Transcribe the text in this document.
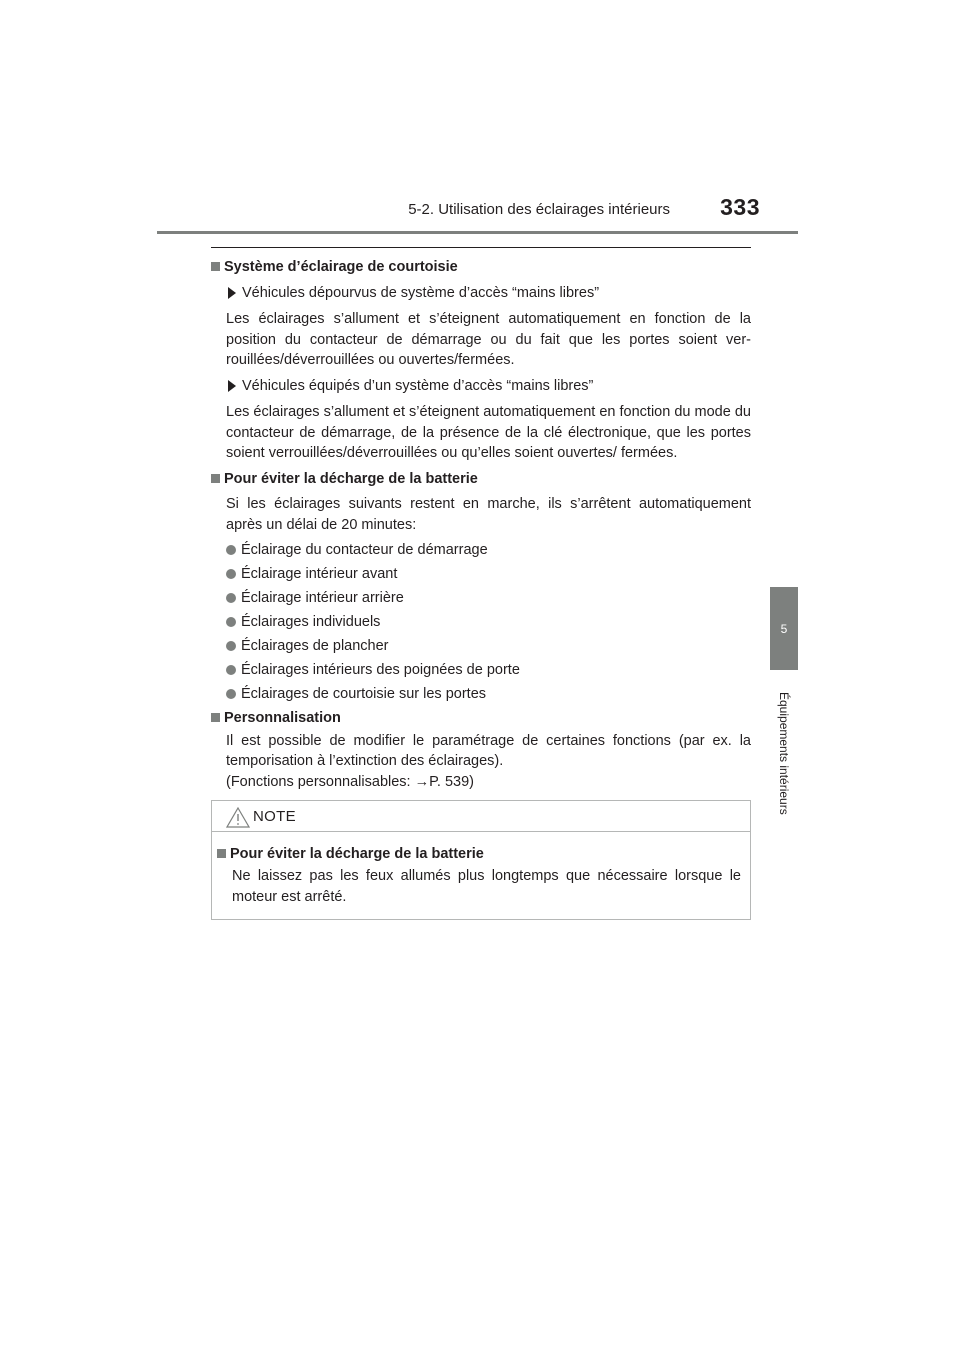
5-2. Utilisation des éclairages intérieurs	333
5
Équipements intérieurs
Système d’éclairage de courtoisie
Véhicules dépourvus de système d’accès “mains libres”
Les éclairages s’allument et s’éteignent automatiquement en fonction de la position du contacteur de démarrage ou du fait que les portes soient ver-rouillées/déverrouillées ou ouvertes/fermées.
Véhicules équipés d’un système d’accès “mains libres”
Les éclairages s’allument et s’éteignent automatiquement en fonction du mode du contacteur de démarrage, de la présence de la clé électronique, que les portes soient verrouillées/déverrouillées ou qu’elles soient ouvertes/ fermées.
Pour éviter la décharge de la batterie
Si les éclairages suivants restent en marche, ils s’arrêtent automatiquement après un délai de 20 minutes:
Éclairage du contacteur de démarrage
Éclairage intérieur avant
Éclairage intérieur arrière
Éclairages individuels
Éclairages de plancher
Éclairages intérieurs des poignées de porte
Éclairages de courtoisie sur les portes
Personnalisation
Il est possible de modifier le paramétrage de certaines fonctions (par ex. la temporisation à l’extinction des éclairages).
(Fonctions personnalisables: →P. 539)
NOTE
Pour éviter la décharge de la batterie
Ne laissez pas les feux allumés plus longtemps que nécessaire lorsque le moteur est arrêté.
